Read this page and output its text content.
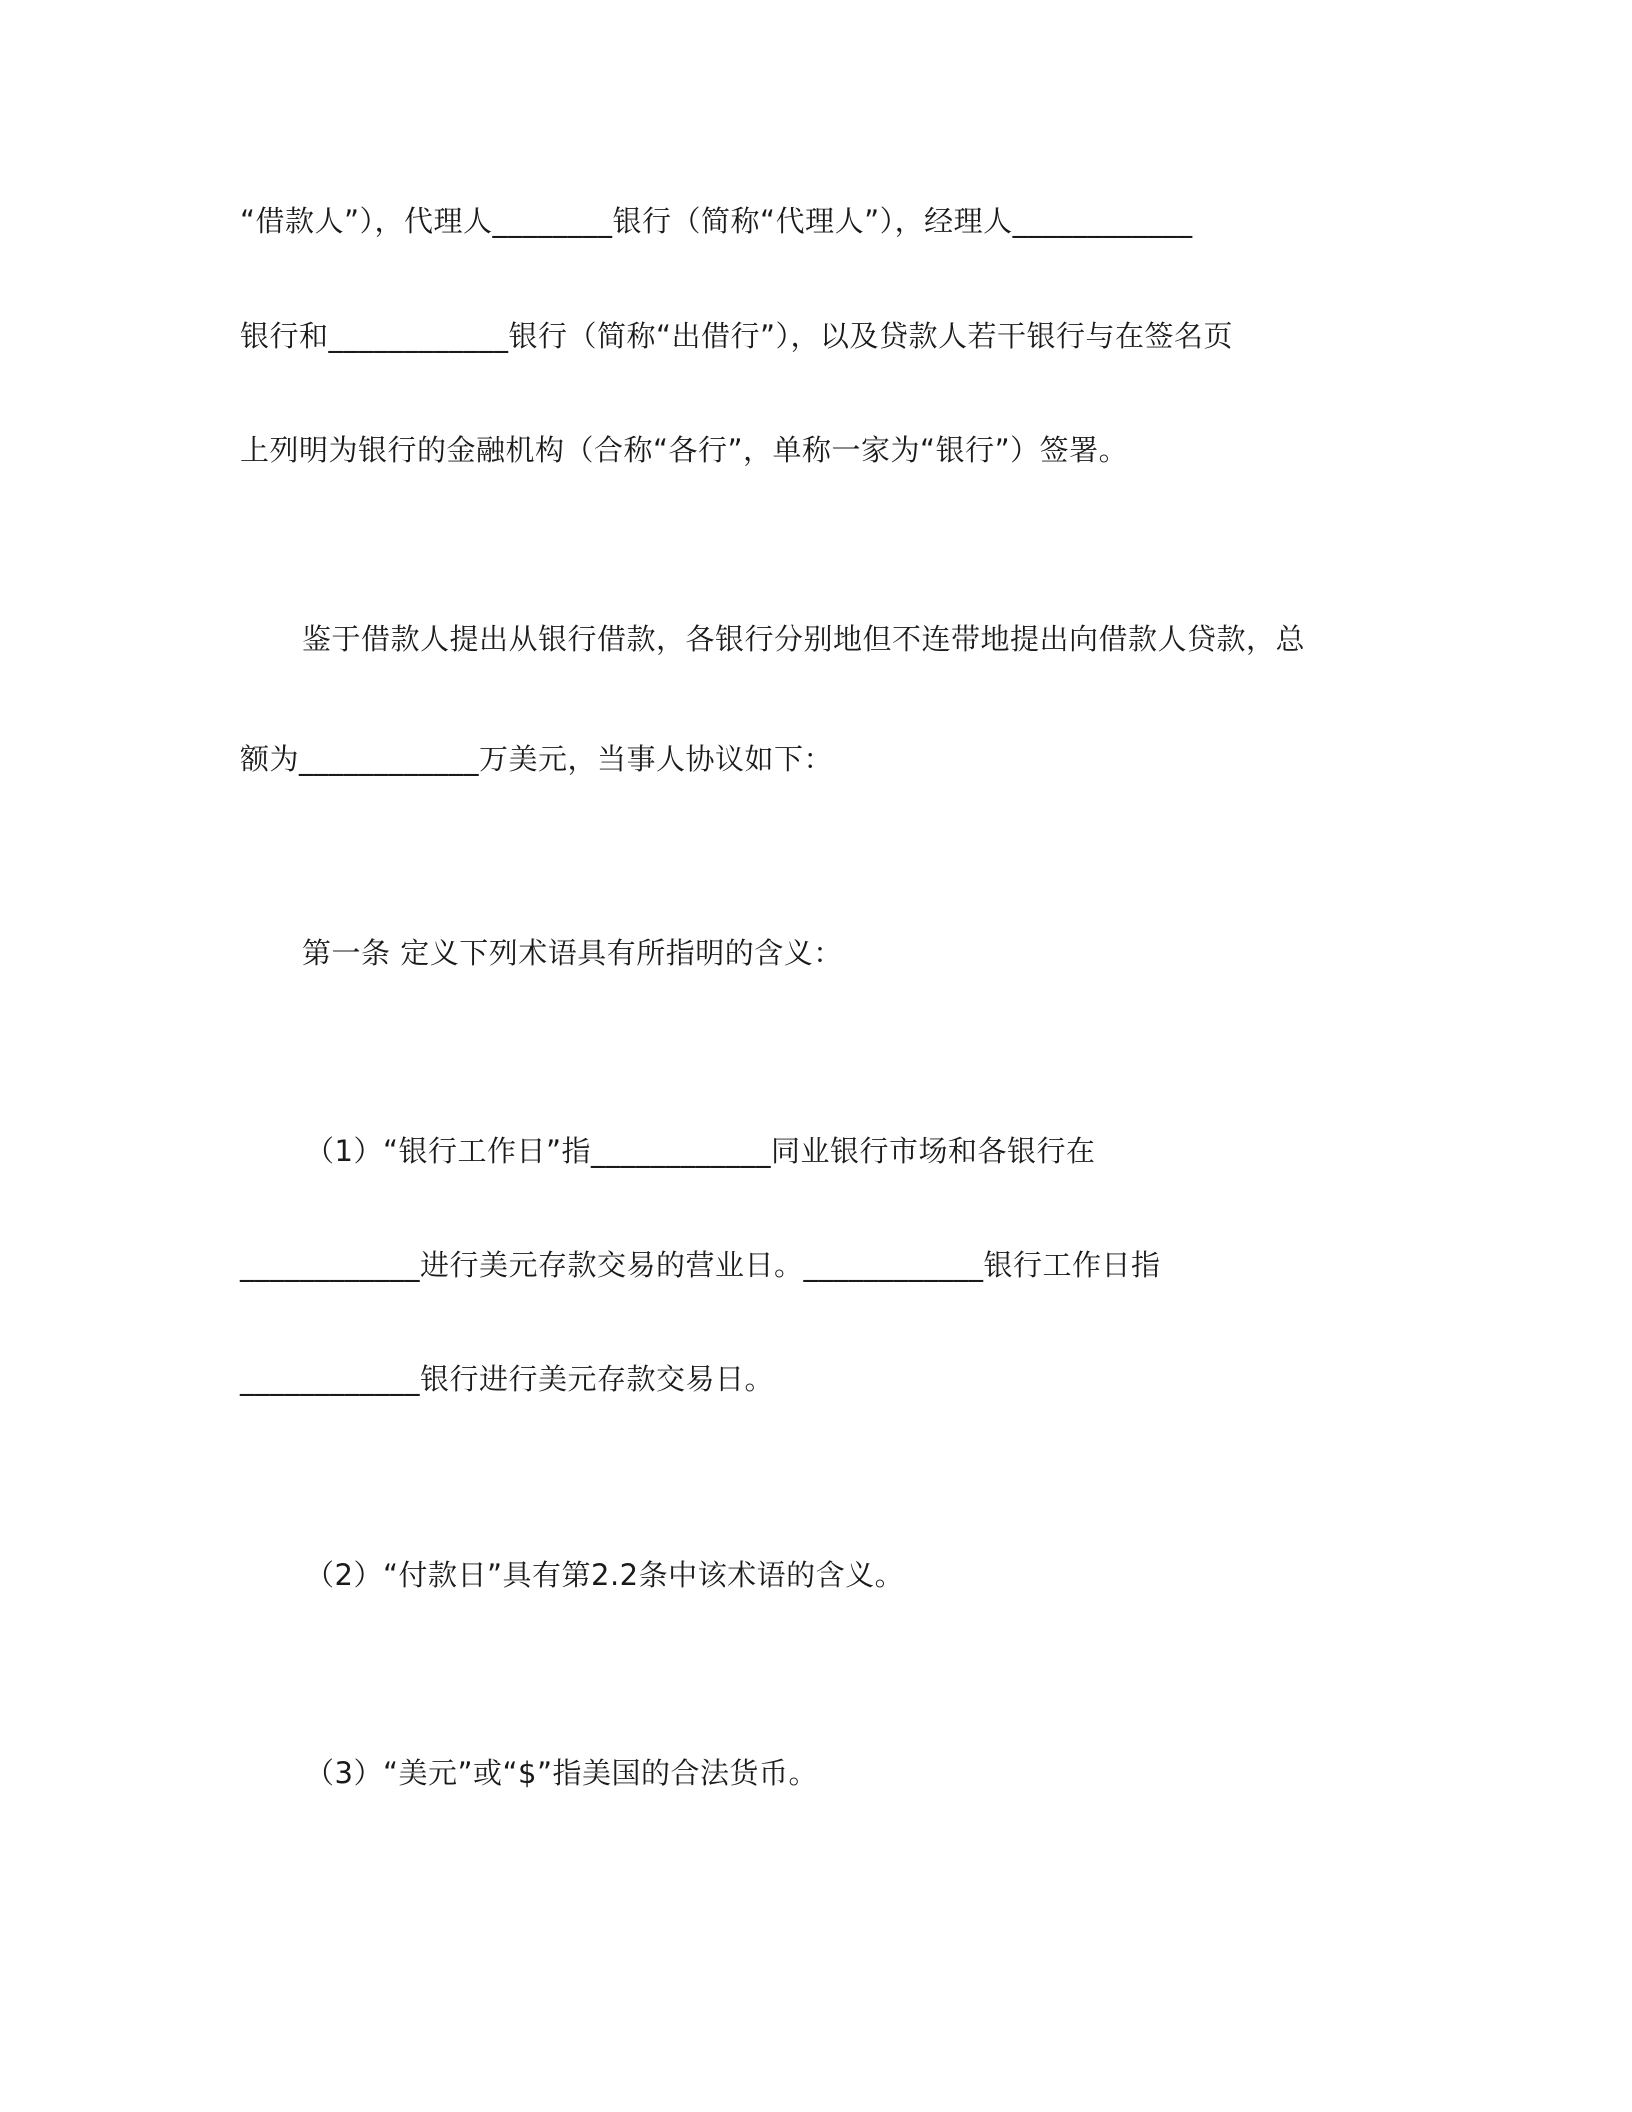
“借款人”），代理人________银行（简称“代理人”），经理人____________
银行和____________银行（简称“出借行”），以及贷款人若干银行与在签名页
上列明为银行的金融机构（合称“各行”，单称一家为“银行”）签署。
鉴于借款人提出从银行借款，各银行分别地但不连带地提出向借款人贷款，总
额为____________万美元，当事人协议如下：
第一条 定义下列术语具有所指明的含义：
（1）“银行工作日”指____________同业银行市场和各银行在
____________进行美元存款交易的营业日。____________银行工作日指
____________银行进行美元存款交易日。
（2）“付款日”具有第2.2条中该术语的含义。
（3）“美元”或“$”指美国的合法货币。
